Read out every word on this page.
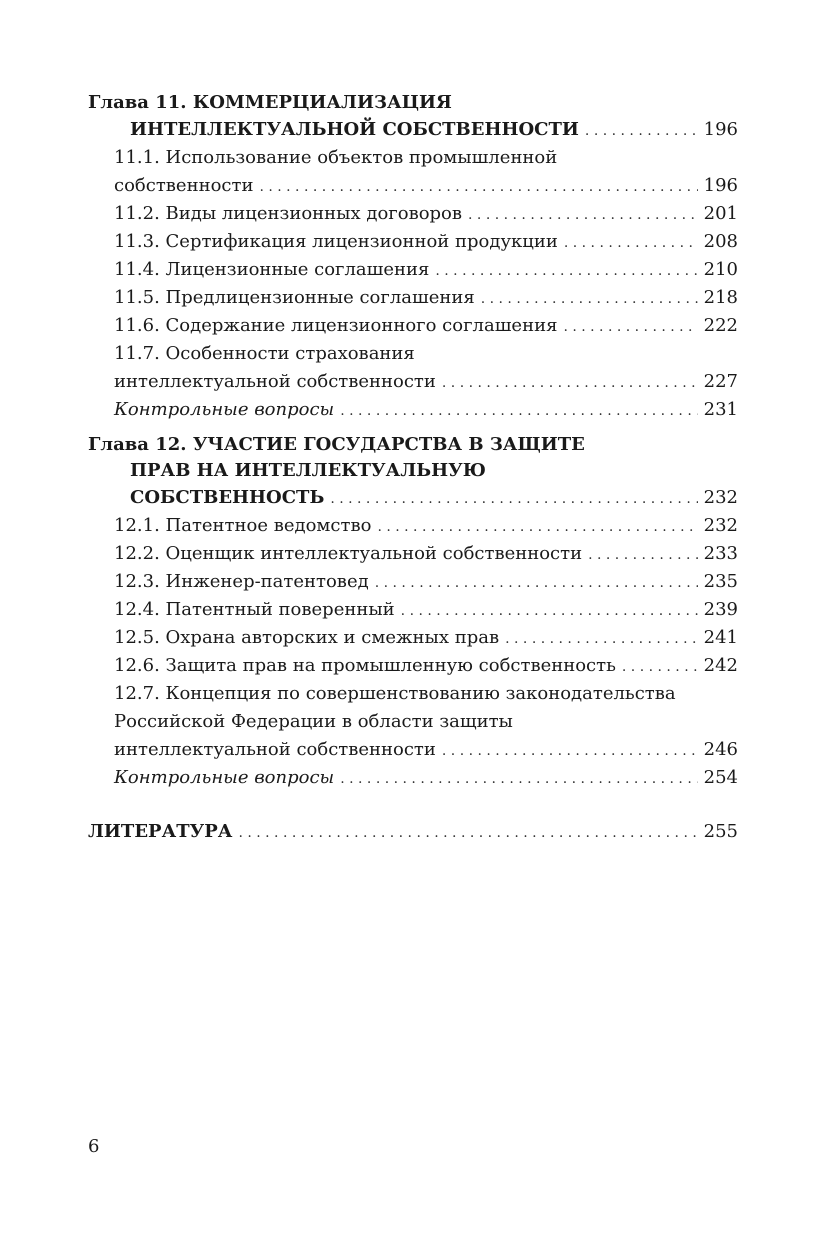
Глава 11. КОММЕРЦИАЛИЗАЦИЯ
ИНТЕЛЛЕКТУАЛЬНОЙ СОБСТВЕННОСТИ . . .	196
11.1. Использование объектов промышленной
собственности . . .	196
11.2. Виды лицензионных договоров . . .	201
11.3. Сертификация лицензионной продукции . . .	208
11.4. Лицензионные соглашения . . .	210
11.5. Предлицензионные соглашения . . .	218
11.6. Содержание лицензионного соглашения . . .	222
11.7. Особенности страхования
интеллектуальной собственности . . .	227
Контрольные вопросы . . .	231
Глава 12. УЧАСТИЕ ГОСУДАРСТВА В ЗАЩИТЕ
ПРАВ НА ИНТЕЛЛЕКТУАЛЬНУЮ
СОБСТВЕННОСТЬ . . .	232
12.1. Патентное ведомство . . .	232
12.2. Оценщик интеллектуальной собственности . . .	233
12.3. Инженер-патентовед . . .	235
12.4. Патентный поверенный . . .	239
12.5. Охрана авторских и смежных прав . . .	241
12.6. Защита прав на промышленную собственность . . .	242
12.7. Концепция по совершенствованию законодательства
Российской Федерации в области защиты
интеллектуальной собственности . . .	246
Контрольные вопросы . . .	254
ЛИТЕРАТУРА . . .	255
6
